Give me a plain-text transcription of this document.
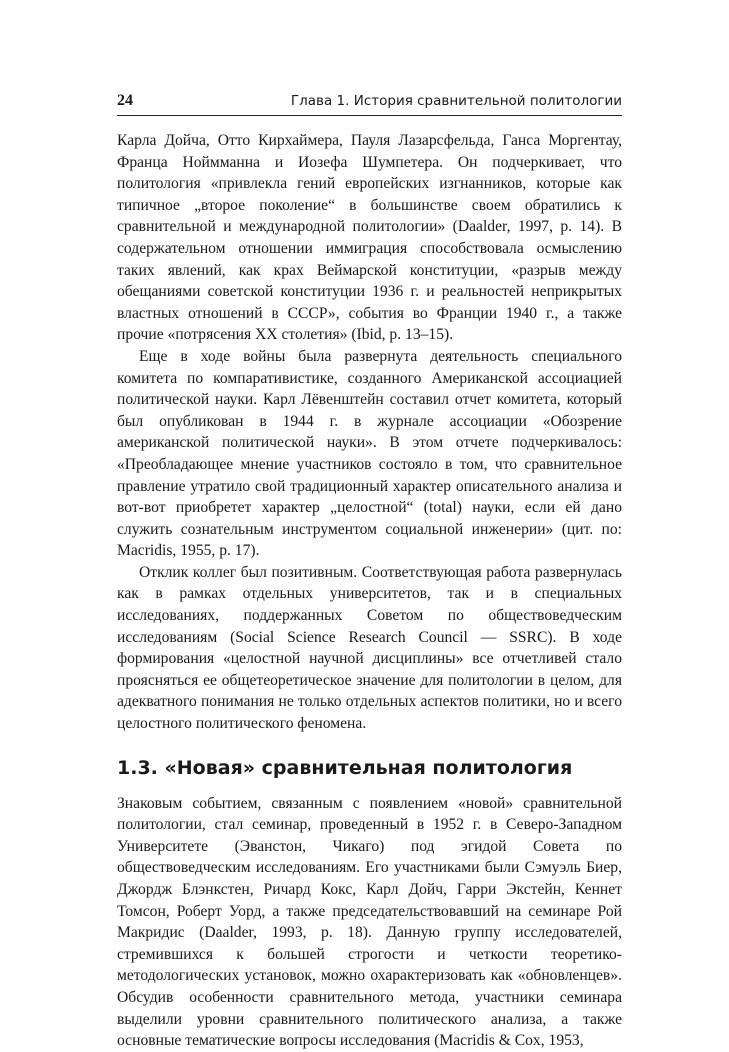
24	Глава 1. История сравнительной политологии

Карла Дойча, Отто Кирхаймера, Пауля Лазарсфельда, Ганса Моргентау, Франца Ноймманна и Иозефа Шумпетера. Он подчеркивает, что политология «привлекла гений европейских изгнанников, которые как типичное „второе поколение“ в большинстве своем обратились к сравнительной и международной политологии» (Daalder, 1997, p. 14). В содержательном отношении иммиграция способствовала осмыслению таких явлений, как крах Веймарской конституции, «разрыв между обещаниями советской конституции 1936 г. и реальностей неприкрытых властных отношений в СССР», события во Франции 1940 г., а также прочие «потрясения XX столетия» (Ibid, p. 13–15).

Еще в ходе войны была развернута деятельность специального комитета по компаративистике, созданного Американской ассоциацией политической науки. Карл Лёвенштейн составил отчет комитета, который был опубликован в 1944 г. в журнале ассоциации «Обозрение американской политической науки». В этом отчете подчеркивалось: «Преобладающее мнение участников состояло в том, что сравнительное правление утратило свой традиционный характер описательного анализа и вот-вот приобретет характер „целостной“ (total) науки, если ей дано служить сознательным инструментом социальной инженерии» (цит. по: Macridis, 1955, p. 17).

Отклик коллег был позитивным. Соответствующая работа развернулась как в рамках отдельных университетов, так и в специальных исследованиях, поддержанных Советом по обществоведческим исследованиям (Social Science Research Council — SSRC). В ходе формирования «целостной научной дисциплины» все отчетливей стало проясняться ее общетеоретическое значение для политологии в целом, для адекватного понимания не только отдельных аспектов политики, но и всего целостного политического феномена.

1.3. «Новая» сравнительная политология

Знаковым событием, связанным с появлением «новой» сравнительной политологии, стал семинар, проведенный в 1952 г. в Северо-Западном Университете (Эванстон, Чикаго) под эгидой Совета по обществоведческим исследованиям. Его участниками были Сэмуэль Биер, Джордж Блэнкстен, Ричард Кокс, Карл Дойч, Гарри Экстейн, Кеннет Томсон, Роберт Уорд, а также председательствовавший на семинаре Рой Макридис (Daalder, 1993, p. 18). Данную группу исследователей, стремившихся к большей строгости и четкости теоретико-методологических установок, можно охарактеризовать как «обновленцев». Обсудив особенности сравнительного метода, участники семинара выделили уровни сравнительного политического анализа, а также основные тематические вопросы исследования (Macridis & Cox, 1953,
